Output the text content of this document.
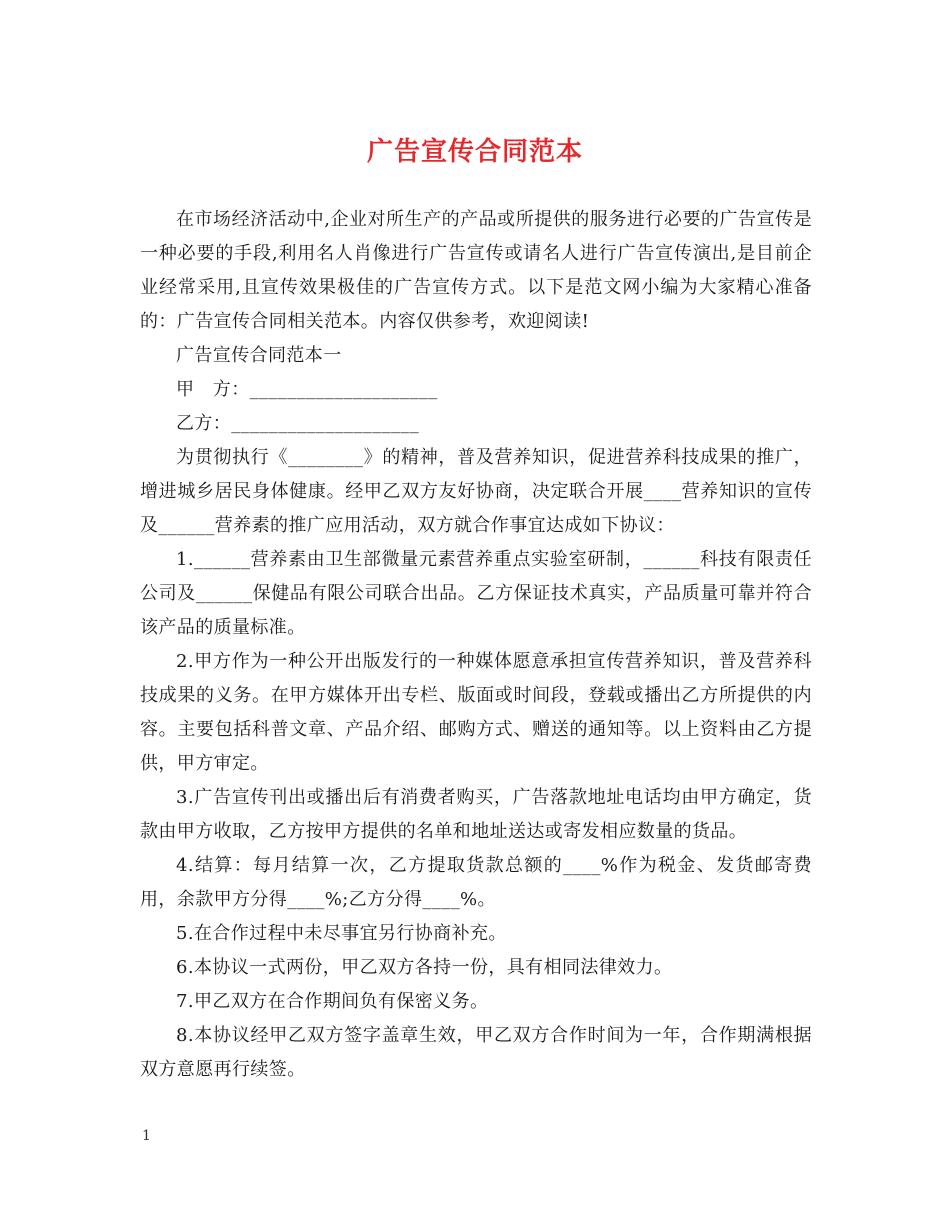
广告宣传合同范本

在市场经济活动中,企业对所生产的产品或所提供的服务进行必要的广告宣传是一种必要的手段,利用名人肖像进行广告宣传或请名人进行广告宣传演出,是目前企业经常采用,且宣传效果极佳的广告宣传方式。以下是范文网小编为大家精心准备的：广告宣传合同相关范本。内容仅供参考，欢迎阅读!

广告宣传合同范本一

甲　方：____________________

乙方：____________________

为贯彻执行《________》的精神，普及营养知识，促进营养科技成果的推广，增进城乡居民身体健康。经甲乙双方友好协商，决定联合开展____营养知识的宣传及______营养素的推广应用活动，双方就合作事宜达成如下协议：

1.______营养素由卫生部微量元素营养重点实验室研制，______科技有限责任公司及______保健品有限公司联合出品。乙方保证技术真实，产品质量可靠并符合该产品的质量标准。

2.甲方作为一种公开出版发行的一种媒体愿意承担宣传营养知识，普及营养科技成果的义务。在甲方媒体开出专栏、版面或时间段，登载或播出乙方所提供的内容。主要包括科普文章、产品介绍、邮购方式、赠送的通知等。以上资料由乙方提供，甲方审定。

3.广告宣传刊出或播出后有消费者购买，广告落款地址电话均由甲方确定，货款由甲方收取，乙方按甲方提供的名单和地址送达或寄发相应数量的货品。

4.结算：每月结算一次，乙方提取货款总额的____%作为税金、发货邮寄费用，余款甲方分得____%;乙方分得____%。

5.在合作过程中未尽事宜另行协商补充。

6.本协议一式两份，甲乙双方各持一份，具有相同法律效力。

7.甲乙双方在合作期间负有保密义务。

8.本协议经甲乙双方签字盖章生效，甲乙双方合作时间为一年，合作期满根据双方意愿再行续签。

1
